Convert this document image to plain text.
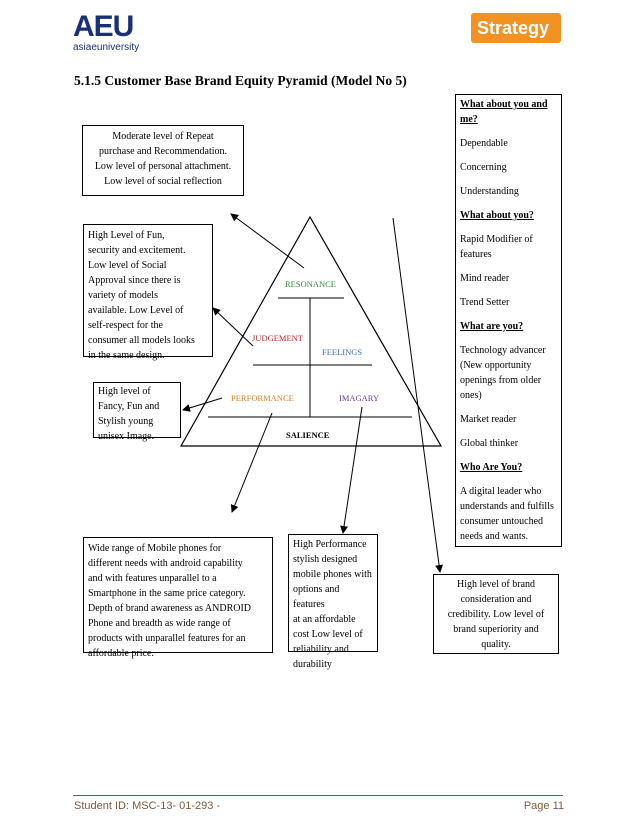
AEU
asiaeuniversity
Strategy
5.1.5 Customer Base Brand Equity Pyramid (Model No 5)
RESONANCE
JUDGEMENT
FEELINGS
PERFORMANCE	IMAGARY
SALIENCE
Moderate level of Repeat
purchase and Recommendation.
Low level of personal attachment.
Low level of social reflection
High Level of Fun,
security and excitement.
Low level of Social
Approval since there is
variety of models
available. Low Level of
self-respect for the
consumer all models looks
in the same design.
High level of
Fancy, Fun and
Stylish young
unisex Image.
Wide range of Mobile phones for
different needs with android capability
and with features unparallel to a
Smartphone in the same price category.
Depth of brand awareness as ANDROID
Phone and breadth as wide range of
products with unparallel features for an
affordable price.
High Performance
stylish designed
mobile phones with
options and features
at an affordable
cost Low level of
reliability and
durability
High level of brand
consideration and
credibility. Low level of
brand superiority and
quality.

What about you and me?

Dependable

Concerning

Understanding

What about you?

Rapid Modifier of features

Mind reader

Trend Setter

What are you?

Technology advancer (New opportunity openings from older ones)

Market reader

Global thinker

Who Are You?

A digital leader who understands and fulfills consumer untouched needs and wants.

Student ID: MSC-13- 01-293 -	Page 11
